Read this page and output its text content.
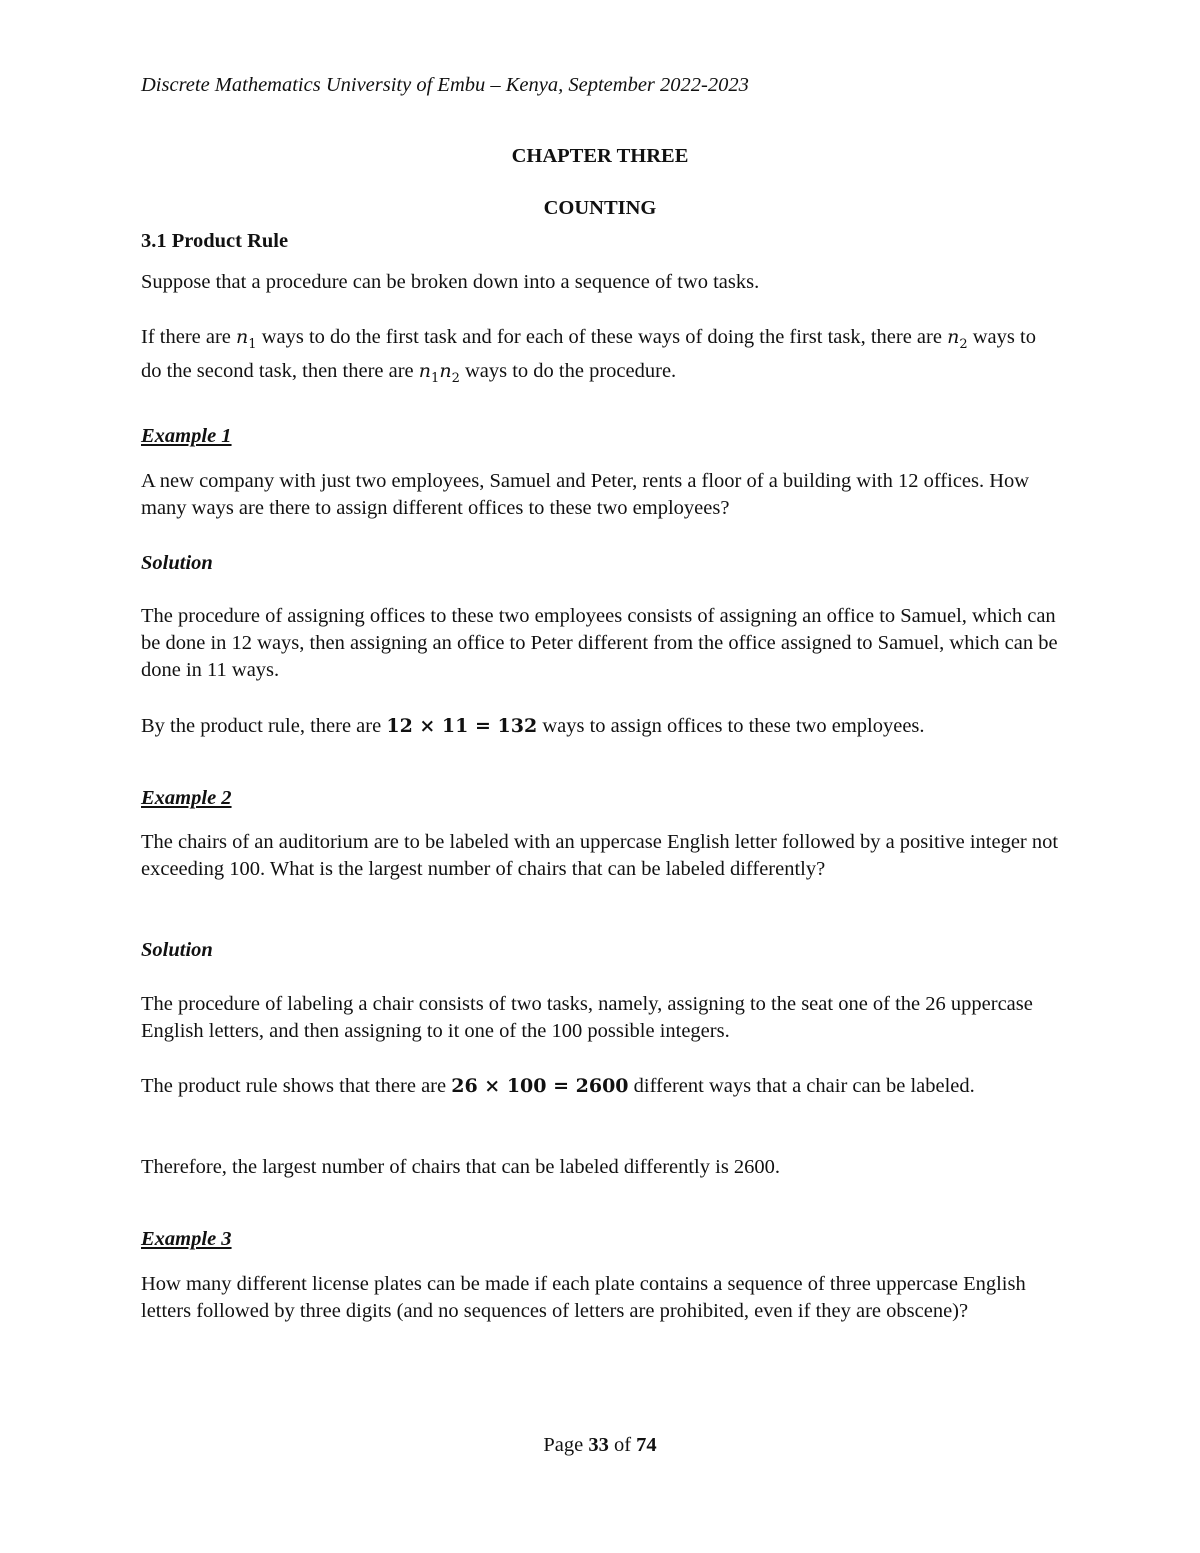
Discrete Mathematics University of Embu – Kenya, September 2022-2023

CHAPTER THREE

COUNTING

3.1 Product Rule

Suppose that a procedure can be broken down into a sequence of two tasks.

If there are $n_1$ ways to do the first task and for each of these ways of doing the first task, there are $n_2$ ways to do the second task, then there are $n_1n_2$ ways to do the procedure.

Example 1

A new company with just two employees, Samuel and Peter, rents a floor of a building with 12 offices. How many ways are there to assign different offices to these two employees?

Solution

The procedure of assigning offices to these two employees consists of assigning an office to Samuel, which can be done in 12 ways, then assigning an office to Peter different from the office assigned to Samuel, which can be done in 11 ways.

By the product rule, there are 12 × 11 = 132 ways to assign offices to these two employees.

Example 2

The chairs of an auditorium are to be labeled with an uppercase English letter followed by a positive integer not exceeding 100. What is the largest number of chairs that can be labeled differently?

Solution

The procedure of labeling a chair consists of two tasks, namely, assigning to the seat one of the 26 uppercase English letters, and then assigning to it one of the 100 possible integers.

The product rule shows that there are 26 × 100 = 2600 different ways that a chair can be labeled.

Therefore, the largest number of chairs that can be labeled differently is 2600.

Example 3

How many different license plates can be made if each plate contains a sequence of three uppercase English letters followed by three digits (and no sequences of letters are prohibited, even if they are obscene)?

Page 33 of 74
